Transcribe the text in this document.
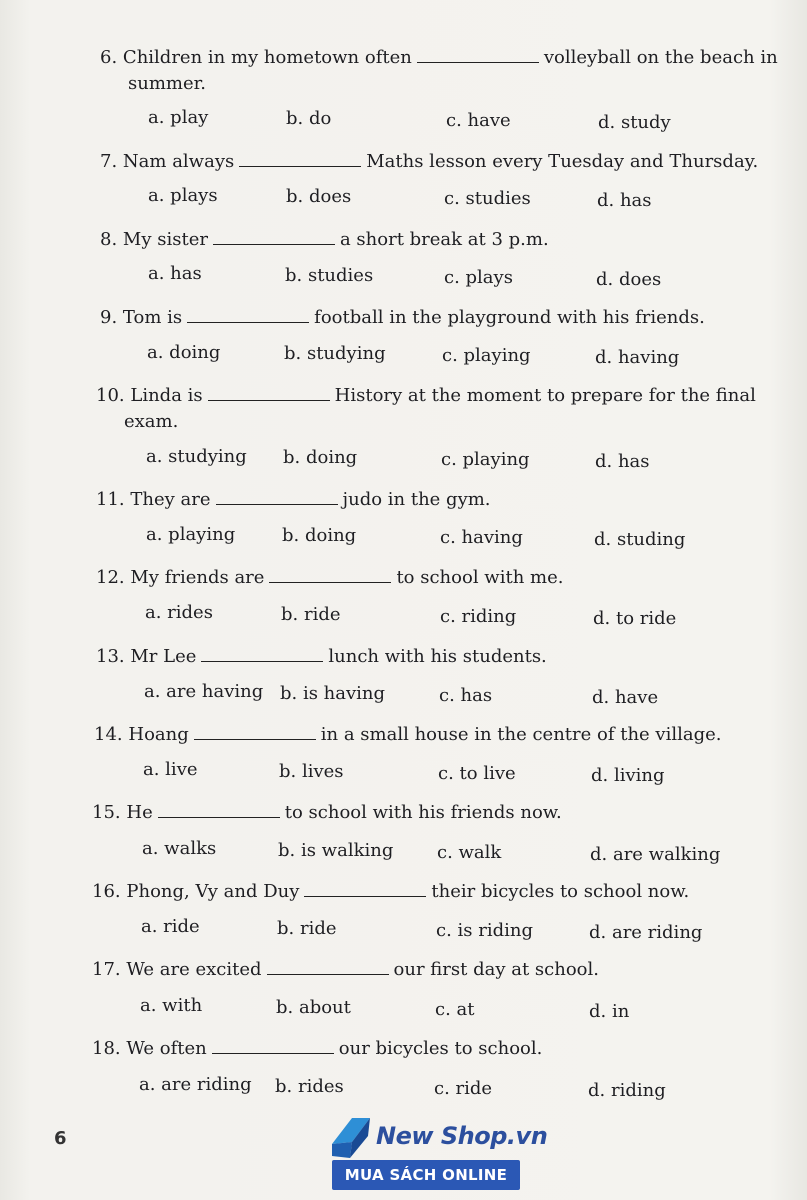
6. Children in my hometown often	volleyball on the beach in
summer.
a. play	b. do	c. have	d. study
7. Nam always	Maths lesson every Tuesday and Thursday.
a. plays	b. does	c. studies	d. has
8. My sister	a short break at 3 p.m.
a. has	b. studies	c. plays	d. does
9. Tom is	football in the playground with his friends.
a. doing	b. studying	c. playing	d. having
10. Linda is	History at the moment to prepare for the final
exam.
a. studying b. doing	c. playing	d. has
11. They are	judo in the gym.
a. playing	b. doing	c. having	d. studing
12. My friends are	to school with me.
a. rides	b. ride	c. riding	d. to ride
13. Mr Lee	lunch with his students.
a. are having b. is having	c. has	d. have
14. Hoang	in a small house in the centre of the village.
a. live	b. lives	c. to live	d. living
15. He	to school with his friends now.
a. walks	b. is walking c. walk	d. are walking
16. Phong, Vy and Duy	their bicycles to school now.
a. ride	b. ride	c. is riding	d. are riding
17. We are excited	our first day at school.
a. with	b. about	c. at	d. in
18. We often	our bicycles to school.
a. are riding b. rides	c. ride	d. riding
6	New Shop.vn
MUA SÁCH ONLINE
